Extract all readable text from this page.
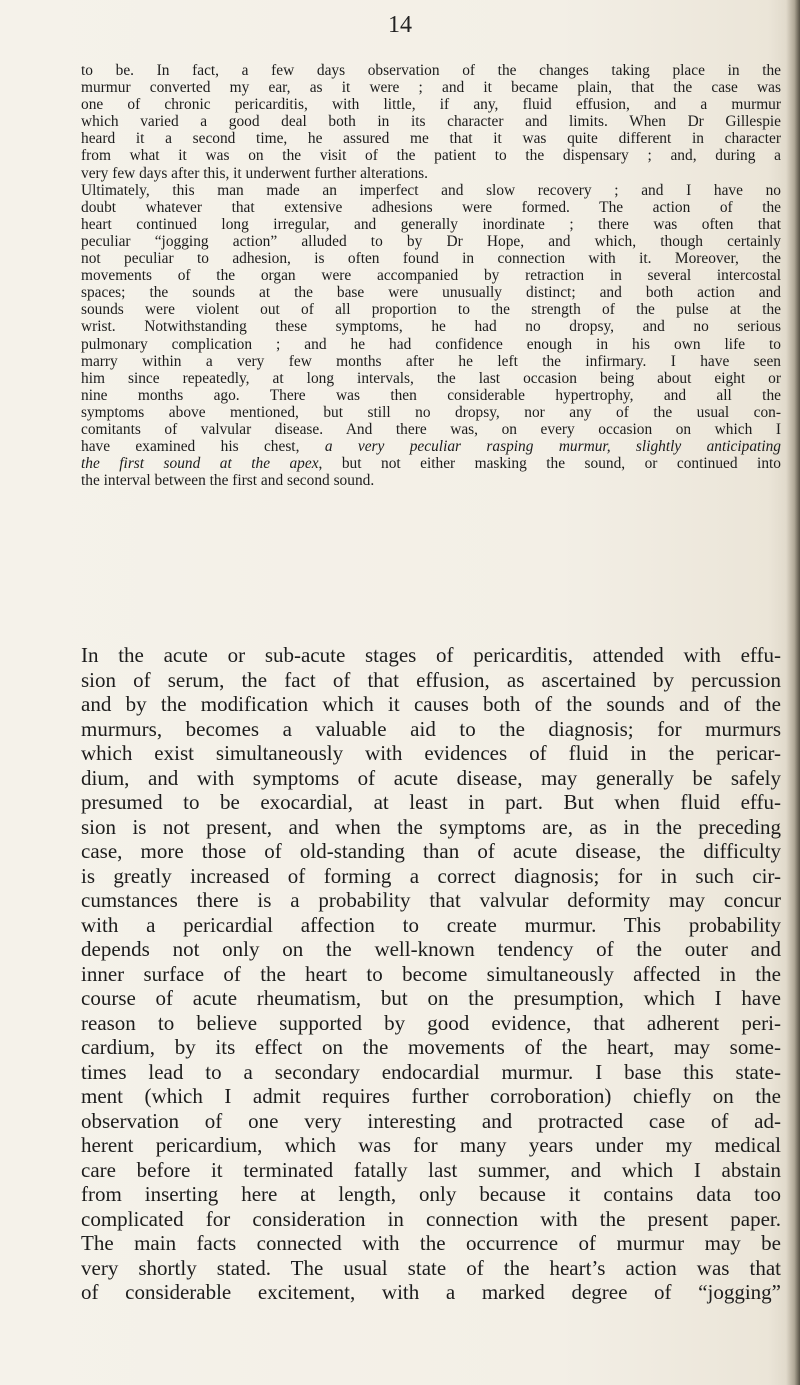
14
to be. In fact, a few days observation of the changes taking place in the
murmur converted my ear, as it were ; and it became plain, that the case was
one of chronic pericarditis, with little, if any, fluid effusion, and a murmur
which varied a good deal both in its character and limits. When Dr Gillespie
heard it a second time, he assured me that it was quite different in character
from what it was on the visit of the patient to the dispensary ; and, during a
very few days after this, it underwent further alterations.
Ultimately, this man made an imperfect and slow recovery ; and I have no
doubt whatever that extensive adhesions were formed. The action of the
heart continued long irregular, and generally inordinate ; there was often that
peculiar “jogging action” alluded to by Dr Hope, and which, though certainly
not peculiar to adhesion, is often found in connection with it. Moreover, the
movements of the organ were accompanied by retraction in several intercostal
spaces; the sounds at the base were unusually distinct; and both action and
sounds were violent out of all proportion to the strength of the pulse at the
wrist. Notwithstanding these symptoms, he had no dropsy, and no serious
pulmonary complication ; and he had confidence enough in his own life to
marry within a very few months after he left the infirmary. I have seen
him since repeatedly, at long intervals, the last occasion being about eight or
nine months ago. There was then considerable hypertrophy, and all the
symptoms above mentioned, but still no dropsy, nor any of the usual con-
comitants of valvular disease. And there was, on every occasion on which I
have examined his chest, a very peculiar rasping murmur, slightly anticipating
the first sound at the apex, but not either masking the sound, or continued into
the interval between the first and second sound.
In the acute or sub-acute stages of pericarditis, attended with effu-
sion of serum, the fact of that effusion, as ascertained by percussion
and by the modification which it causes both of the sounds and of the
murmurs, becomes a valuable aid to the diagnosis; for murmurs
which exist simultaneously with evidences of fluid in the pericar-
dium, and with symptoms of acute disease, may generally be safely
presumed to be exocardial, at least in part. But when fluid effu-
sion is not present, and when the symptoms are, as in the preceding
case, more those of old-standing than of acute disease, the difficulty
is greatly increased of forming a correct diagnosis; for in such cir-
cumstances there is a probability that valvular deformity may concur
with a pericardial affection to create murmur. This probability
depends not only on the well-known tendency of the outer and
inner surface of the heart to become simultaneously affected in the
course of acute rheumatism, but on the presumption, which I have
reason to believe supported by good evidence, that adherent peri-
cardium, by its effect on the movements of the heart, may some-
times lead to a secondary endocardial murmur. I base this state-
ment (which I admit requires further corroboration) chiefly on the
observation of one very interesting and protracted case of ad-
herent pericardium, which was for many years under my medical
care before it terminated fatally last summer, and which I abstain
from inserting here at length, only because it contains data too
complicated for consideration in connection with the present paper.
The main facts connected with the occurrence of murmur may be
very shortly stated. The usual state of the heart’s action was that
of considerable excitement, with a marked degree of “jogging”
